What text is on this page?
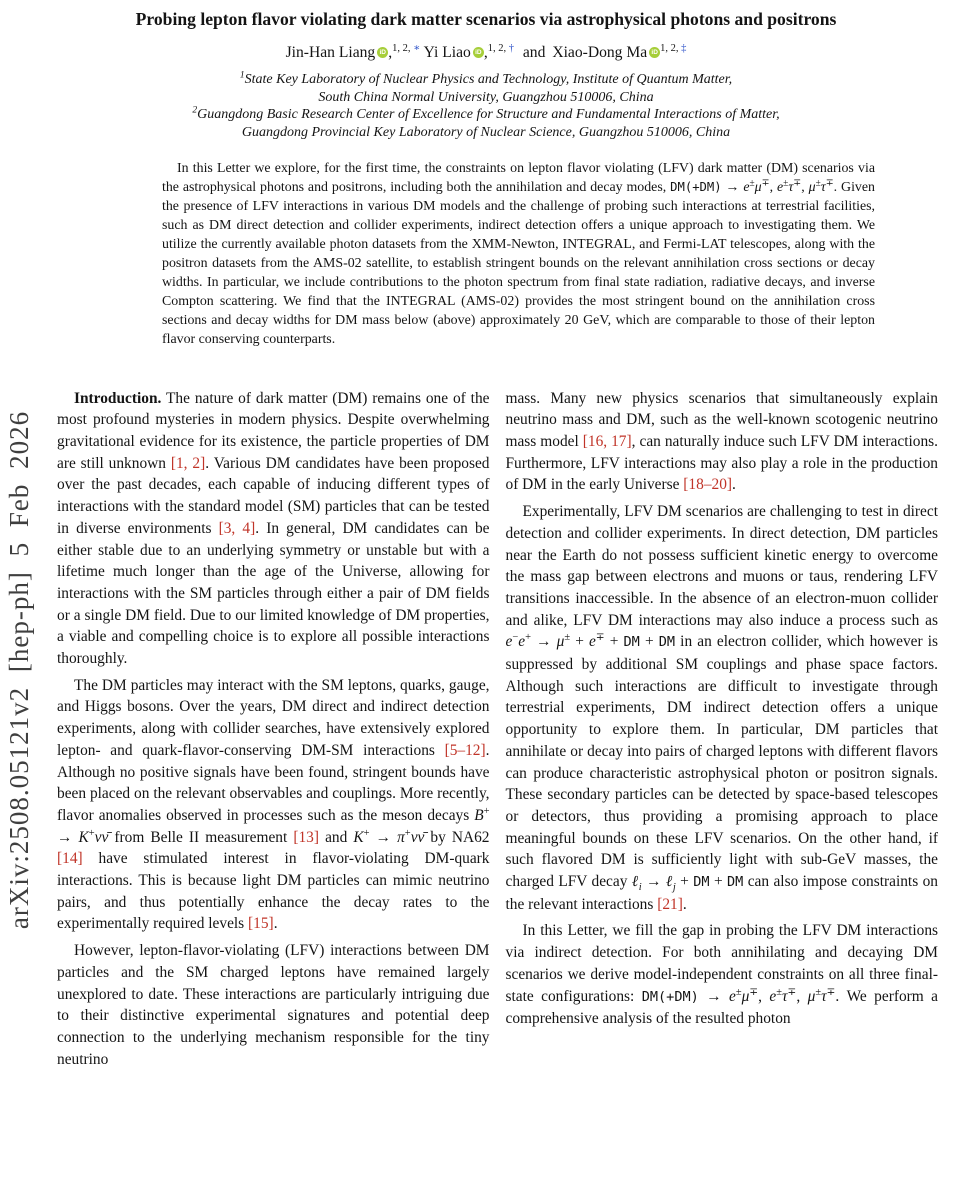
arXiv:2508.05121v2 [hep-ph] 5 Feb 2026
Probing lepton flavor violating dark matter scenarios via astrophysical photons and positrons
Jin-Han Liang iD ,$^{1, 2, ∗}$ Yi Liao iD ,$^{1, 2, \dagger}$ and Xiao-Dong Ma iD $^{1, 2, \ddagger}$
$^1$State Key Laboratory of Nuclear Physics and Technology, Institute of Quantum Matter,
South China Normal University, Guangzhou 510006, China
$^2$Guangdong Basic Research Center of Excellence for Structure and Fundamental Interactions of Matter,
Guangdong Provincial Key Laboratory of Nuclear Science, Guangzhou 510006, China
In this Letter we explore, for the first time, the constraints on lepton flavor violating (LFV) dark matter (DM) scenarios via the astrophysical photons and positrons, including both the annihilation and decay modes, DM(+DM) → e±μ∓, e±τ∓, μ±τ∓. Given the presence of LFV interactions in various DM models and the challenge of probing such interactions at terrestrial facilities, such as DM direct detection and collider experiments, indirect detection offers a unique approach to investigating them. We utilize the currently available photon datasets from the XMM-Newton, INTEGRAL, and Fermi-LAT telescopes, along with the positron datasets from the AMS-02 satellite, to establish stringent bounds on the relevant annihilation cross sections or decay widths. In particular, we include contributions to the photon spectrum from final state radiation, radiative decays, and inverse Compton scattering. We find that the INTEGRAL (AMS-02) provides the most stringent bound on the annihilation cross sections and decay widths for DM mass below (above) approximately 20 GeV, which are comparable to those of their lepton flavor conserving counterparts.

Introduction. The nature of dark matter (DM) remains one of the most profound mysteries in modern physics. Despite overwhelming gravitational evidence for its existence, the particle properties of DM are still unknown [1, 2]. Various DM candidates have been proposed over the past decades, each capable of inducing different types of interactions with the standard model (SM) particles that can be tested in diverse environments [3, 4]. In general, DM candidates can be either stable due to an underlying symmetry or unstable but with a lifetime much longer than the age of the Universe, allowing for interactions with the SM particles through either a pair of DM fields or a single DM field. Due to our limited knowledge of DM properties, a viable and compelling choice is to explore all possible interactions thoroughly.

The DM particles may interact with the SM leptons, quarks, gauge, and Higgs bosons. Over the years, DM direct and indirect detection experiments, along with collider searches, have extensively explored lepton- and quark-flavor-conserving DM-SM interactions [5–12]. Although no positive signals have been found, stringent bounds have been placed on the relevant observables and couplings. More recently, flavor anomalies observed in processes such as the meson decays B+ → K+νν̄ from Belle II measurement [13] and K+ → π+νν̄ by NA62 [14] have stimulated interest in flavor-violating DM-quark interactions. This is because light DM particles can mimic neutrino pairs, and thus potentially enhance the decay rates to the experimentally required levels [15].

However, lepton-flavor-violating (LFV) interactions between DM particles and the SM charged leptons have remained largely unexplored to date. These interactions are particularly intriguing due to their distinctive experimental signatures and potential deep connection to the underlying mechanism responsible for the tiny neutrino

mass. Many new physics scenarios that simultaneously explain neutrino mass and DM, such as the well-known scotogenic neutrino mass model [16, 17], can naturally induce such LFV DM interactions. Furthermore, LFV interactions may also play a role in the production of DM in the early Universe [18–20].

Experimentally, LFV DM scenarios are challenging to test in direct detection and collider experiments. In direct detection, DM particles near the Earth do not possess sufficient kinetic energy to overcome the mass gap between electrons and muons or taus, rendering LFV transitions inaccessible. In the absence of an electron-muon collider and alike, LFV DM interactions may also induce a process such as e−e+ → μ± + e∓ + DM + DM in an electron collider, which however is suppressed by additional SM couplings and phase space factors. Although such interactions are difficult to investigate through terrestrial experiments, DM indirect detection offers a unique opportunity to explore them. In particular, DM particles that annihilate or decay into pairs of charged leptons with different flavors can produce characteristic astrophysical photon or positron signals. These secondary particles can be detected by space-based telescopes or detectors, thus providing a promising approach to place meaningful bounds on these LFV scenarios. On the other hand, if such flavored DM is sufficiently light with sub-GeV masses, the charged LFV decay ℓ$_i$ → ℓ$_j$ + DM + DM can also impose constraints on the relevant interactions [21].

In this Letter, we fill the gap in probing the LFV DM interactions via indirect detection. For both annihilating and decaying DM scenarios we derive model-independent constraints on all three final-state configurations: DM(+DM) → e±μ∓, e±τ∓, μ±τ∓. We perform a comprehensive analysis of the resulted photon
